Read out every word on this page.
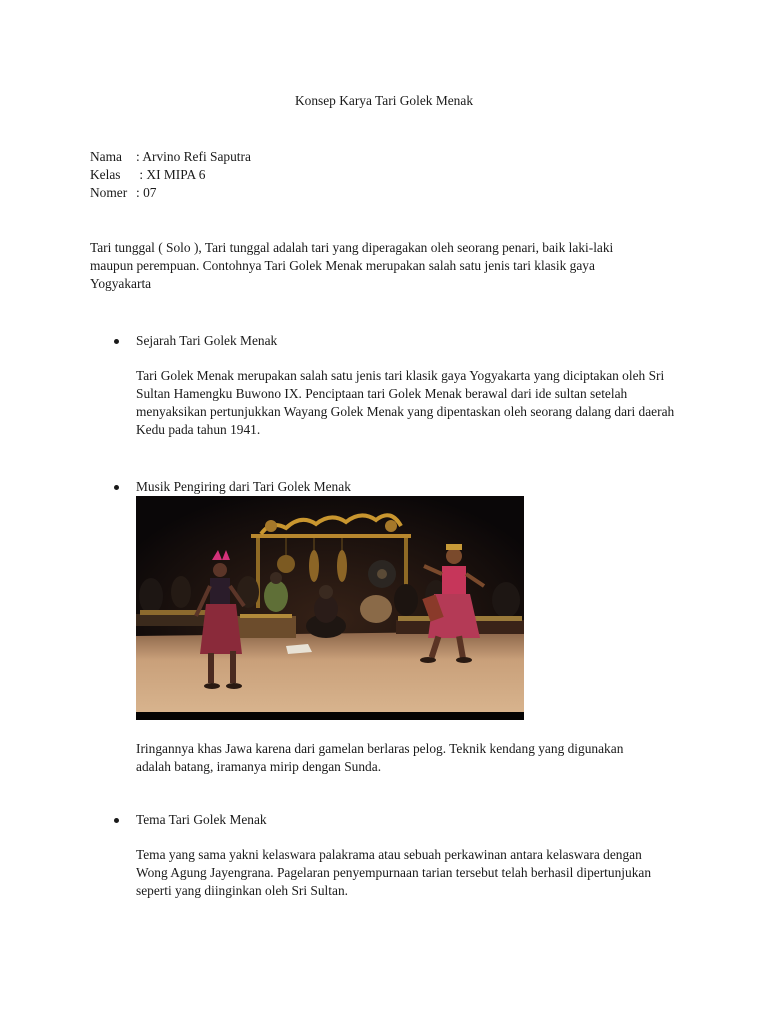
Konsep Karya Tari Golek Menak
Nama	: Arvino Refi Saputra
Kelas	: XI MIPA 6
Nomer : 07
Tari tunggal ( Solo ), Tari tunggal adalah tari yang diperagakan oleh seorang penari, baik laki-laki maupun perempuan. Contohnya Tari Golek Menak merupakan salah satu jenis tari klasik gaya Yogyakarta
Sejarah Tari Golek Menak
Tari Golek Menak merupakan salah satu jenis tari klasik gaya Yogyakarta yang diciptakan oleh Sri Sultan Hamengku Buwono IX. Penciptaan tari Golek Menak berawal dari ide sultan setelah menyaksikan pertunjukkan Wayang Golek Menak yang dipentaskan oleh seorang dalang dari daerah Kedu pada tahun 1941.
Musik Pengiring dari Tari Golek Menak
Iringannya khas Jawa karena dari gamelan berlaras pelog. Teknik kendang yang digunakan adalah batang, iramanya mirip dengan Sunda.
Tema Tari Golek Menak
Tema yang sama yakni kelaswara palakrama atau sebuah perkawinan antara kelaswara dengan Wong Agung Jayengrana. Pagelaran penyempurnaan tarian tersebut telah berhasil dipertunjukan seperti yang diinginkan oleh Sri Sultan.
